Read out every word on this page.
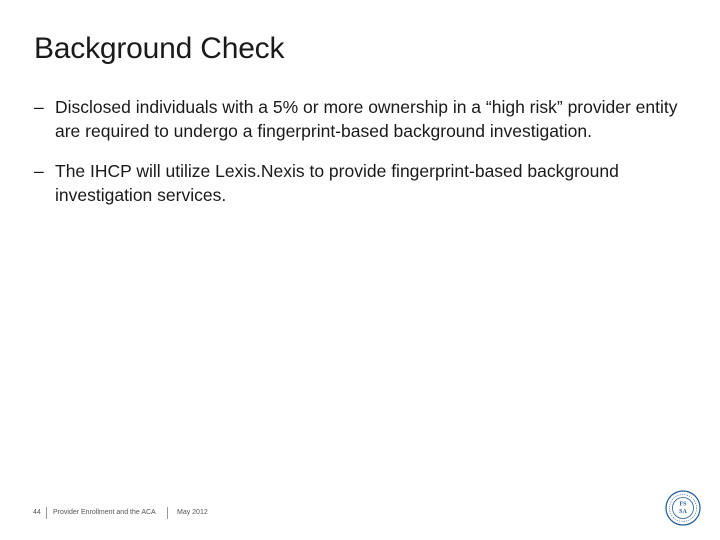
Background Check
– Disclosed individuals with a 5% or more ownership in a “high risk” provider entity are required to undergo a fingerprint-based background investigation.
– The IHCP will utilize Lexis.Nexis to provide fingerprint-based background investigation services.
44 Provider Enrollment and the ACA	May 2012
FS
SA
